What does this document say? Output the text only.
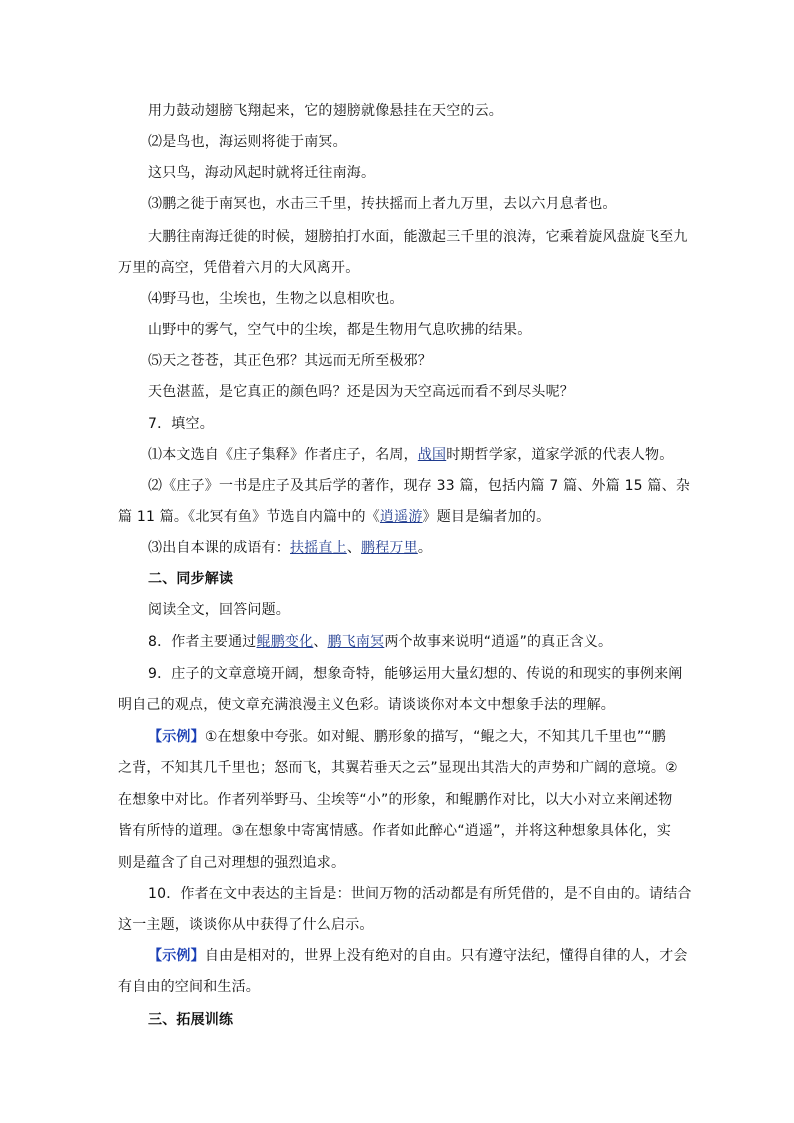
用力鼓动翅膀飞翔起来，它的翅膀就像悬挂在天空的云。
⑵是鸟也，海运则将徙于南冥。
这只鸟，海动风起时就将迁往南海。
⑶鹏之徙于南冥也，水击三千里，抟扶摇而上者九万里，去以六月息者也。
大鹏往南海迁徙的时候，翅膀拍打水面，能激起三千里的浪涛，它乘着旋风盘旋飞至九
万里的高空，凭借着六月的大风离开。
⑷野马也，尘埃也，生物之以息相吹也。
山野中的雾气，空气中的尘埃，都是生物用气息吹拂的结果。
⑸天之苍苍，其正色邪？其远而无所至极邪？
天色湛蓝，是它真正的颜色吗？还是因为天空高远而看不到尽头呢？
7．填空。
⑴本文选自《庄子集释》作者庄子，名周，战国时期哲学家，道家学派的代表人物。
⑵《庄子》一书是庄子及其后学的著作，现存 33 篇，包括内篇 7 篇、外篇 15 篇、杂
篇 11 篇。《北冥有鱼》节选自内篇中的《逍遥游》题目是编者加的。
⑶出自本课的成语有：扶摇直上、鹏程万里。
二、同步解读
阅读全文，回答问题。
8．作者主要通过鲲鹏变化、鹏飞南冥两个故事来说明“逍遥”的真正含义。
9．庄子的文章意境开阔，想象奇特，能够运用大量幻想的、传说的和现实的事例来阐
明自己的观点，使文章充满浪漫主义色彩。请谈谈你对本文中想象手法的理解。
【示例】①在想象中夸张。如对鲲、鹏形象的描写，“鲲之大，不知其几千里也”“鹏
之背，不知其几千里也；怒而飞，其翼若垂天之云”显现出其浩大的声势和广阔的意境。②
在想象中对比。作者列举野马、尘埃等“小”的形象，和鲲鹏作对比，以大小对立来阐述物
皆有所恃的道理。③在想象中寄寓情感。作者如此醉心“逍遥”，并将这种想象具体化，实
则是蕴含了自己对理想的强烈追求。
10．作者在文中表达的主旨是：世间万物的活动都是有所凭借的，是不自由的。请结合
这一主题，谈谈你从中获得了什么启示。
【示例】自由是相对的，世界上没有绝对的自由。只有遵守法纪，懂得自律的人，才会
有自由的空间和生活。
三、拓展训练
